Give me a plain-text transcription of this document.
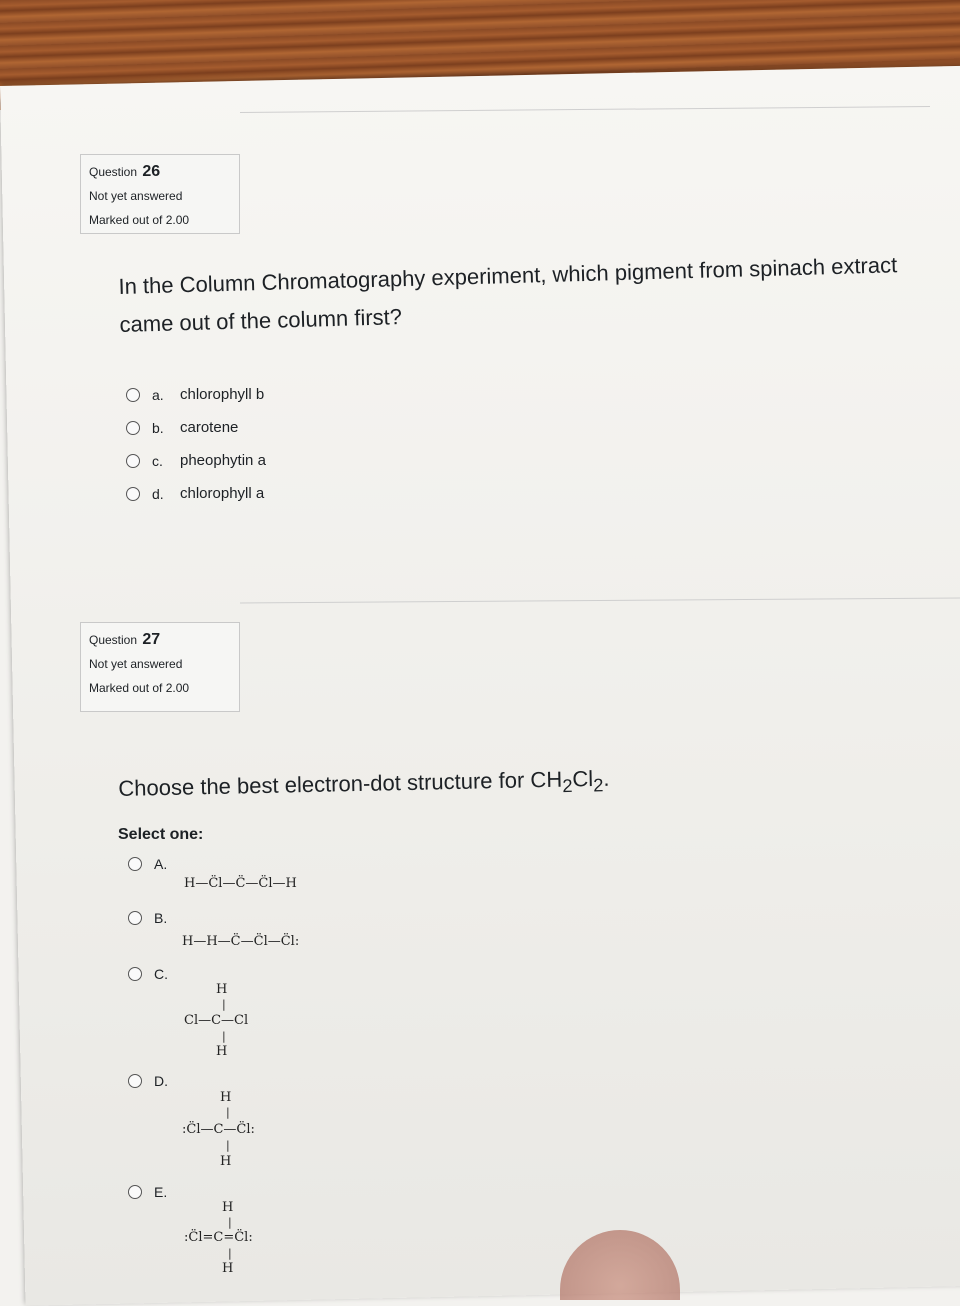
Question 26
Not yet answered
Marked out of 2.00
In the Column Chromatography experiment, which pigment from spinach extract came out of the column first?
a.	chlorophyll b
b.	carotene
c.	pheophytin a
d.	chlorophyll a
Question 27
Not yet answered
Marked out of 2.00
Choose the best electron-dot structure for $CH_2Cl_2$.
Select one:
A.
H—C̈l—C̈—C̈l—H
B.
H—H—C̈—C̈l—C̈l:
C.
H
|
Cl—C—Cl
|
H
D.
H
|
:C̈l—C—C̈l:
|
H
E.
H
|
:C̈l=C=C̈l:
|
H
